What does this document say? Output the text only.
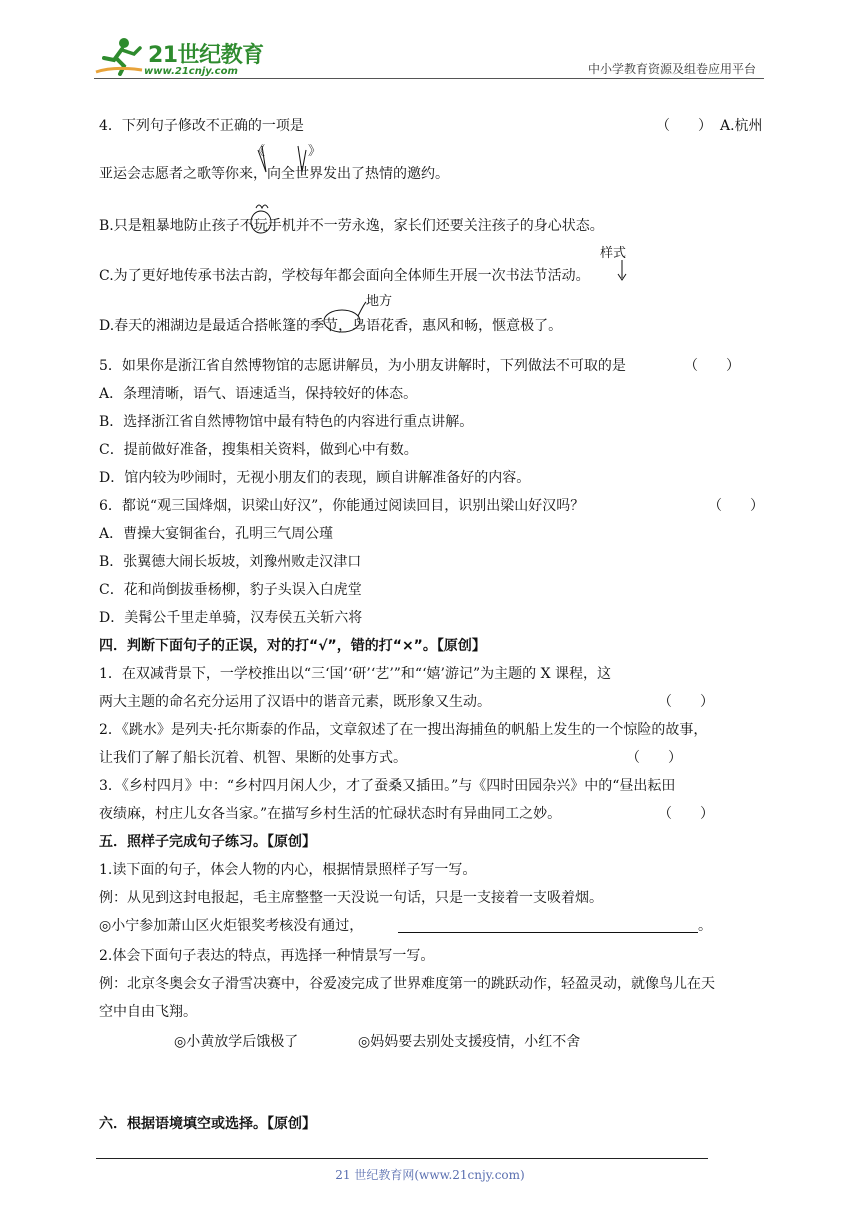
21世纪教育
www.21cnjy.com	中小学教育资源及组卷应用平台
4．下列句子修改不正确的一项是	（　　） A.杭州
《	》
亚运会志愿者之歌等你来，向全世界发出了热情的邀约。
B.只是粗暴地防止孩子不玩手机并不一劳永逸，家长们还要关注孩子的身心状态。
样式
C.为了更好地传承书法古韵，学校每年都会面向全体师生开展一次书法节活动。
地方
D.春天的湘湖边是最适合搭帐篷的季节，鸟语花香，惠风和畅，惬意极了。
5．如果你是浙江省自然博物馆的志愿讲解员，为小朋友讲解时，下列做法不可取的是	（　　）
A．条理清晰，语气、语速适当，保持较好的体态。
B．选择浙江省自然博物馆中最有特色的内容进行重点讲解。
C．提前做好准备，搜集相关资料，做到心中有数。
D．馆内较为吵闹时，无视小朋友们的表现，顾自讲解准备好的内容。
6．都说“观三国烽烟，识梁山好汉”，你能通过阅读回目，识别出梁山好汉吗？	（　　）
A．曹操大宴铜雀台，孔明三气周公瑾
B．张翼德大闹长坂坡，刘豫州败走汉津口
C．花和尚倒拔垂杨柳，豹子头误入白虎堂
D．美髯公千里走单骑，汉寿侯五关斩六将
四．判断下面句子的正误，对的打“√”，错的打“×”。【原创】
1．在双减背景下，一学校推出以“三‘国’‘研’‘艺’”和“‘嬉’游记”为主题的 X 课程，这
两大主题的命名充分运用了汉语中的谐音元素，既形象又生动。	（　　）
2．《跳水》是列夫·托尔斯泰的作品，文章叙述了在一搜出海捕鱼的帆船上发生的一个惊险的故事，
让我们了解了船长沉着、机智、果断的处事方式。	（　　）
3．《乡村四月》中：“乡村四月闲人少，才了蚕桑又插田。”与《四时田园杂兴》中的“昼出耘田
夜绩麻，村庄儿女各当家。”在描写乡村生活的忙碌状态时有异曲同工之妙。	（　　）
五．照样子完成句子练习。【原创】
1.读下面的句子，体会人物的内心，根据情景照样子写一写。
例：从见到这封电报起，毛主席整整一天没说一句话，只是一支接着一支吸着烟。
◎小宁参加萧山区火炬银奖考核没有通过，	。
2.体会下面句子表达的特点，再选择一种情景写一写。
例：北京冬奥会女子滑雪决赛中，谷爱凌完成了世界难度第一的跳跃动作，轻盈灵动，就像鸟儿在天
空中自由飞翔。
◎小黄放学后饿极了	◎妈妈要去别处支援疫情，小红不舍
六．根据语境填空或选择。【原创】
21 世纪教育网(www.21cnjy.com)
